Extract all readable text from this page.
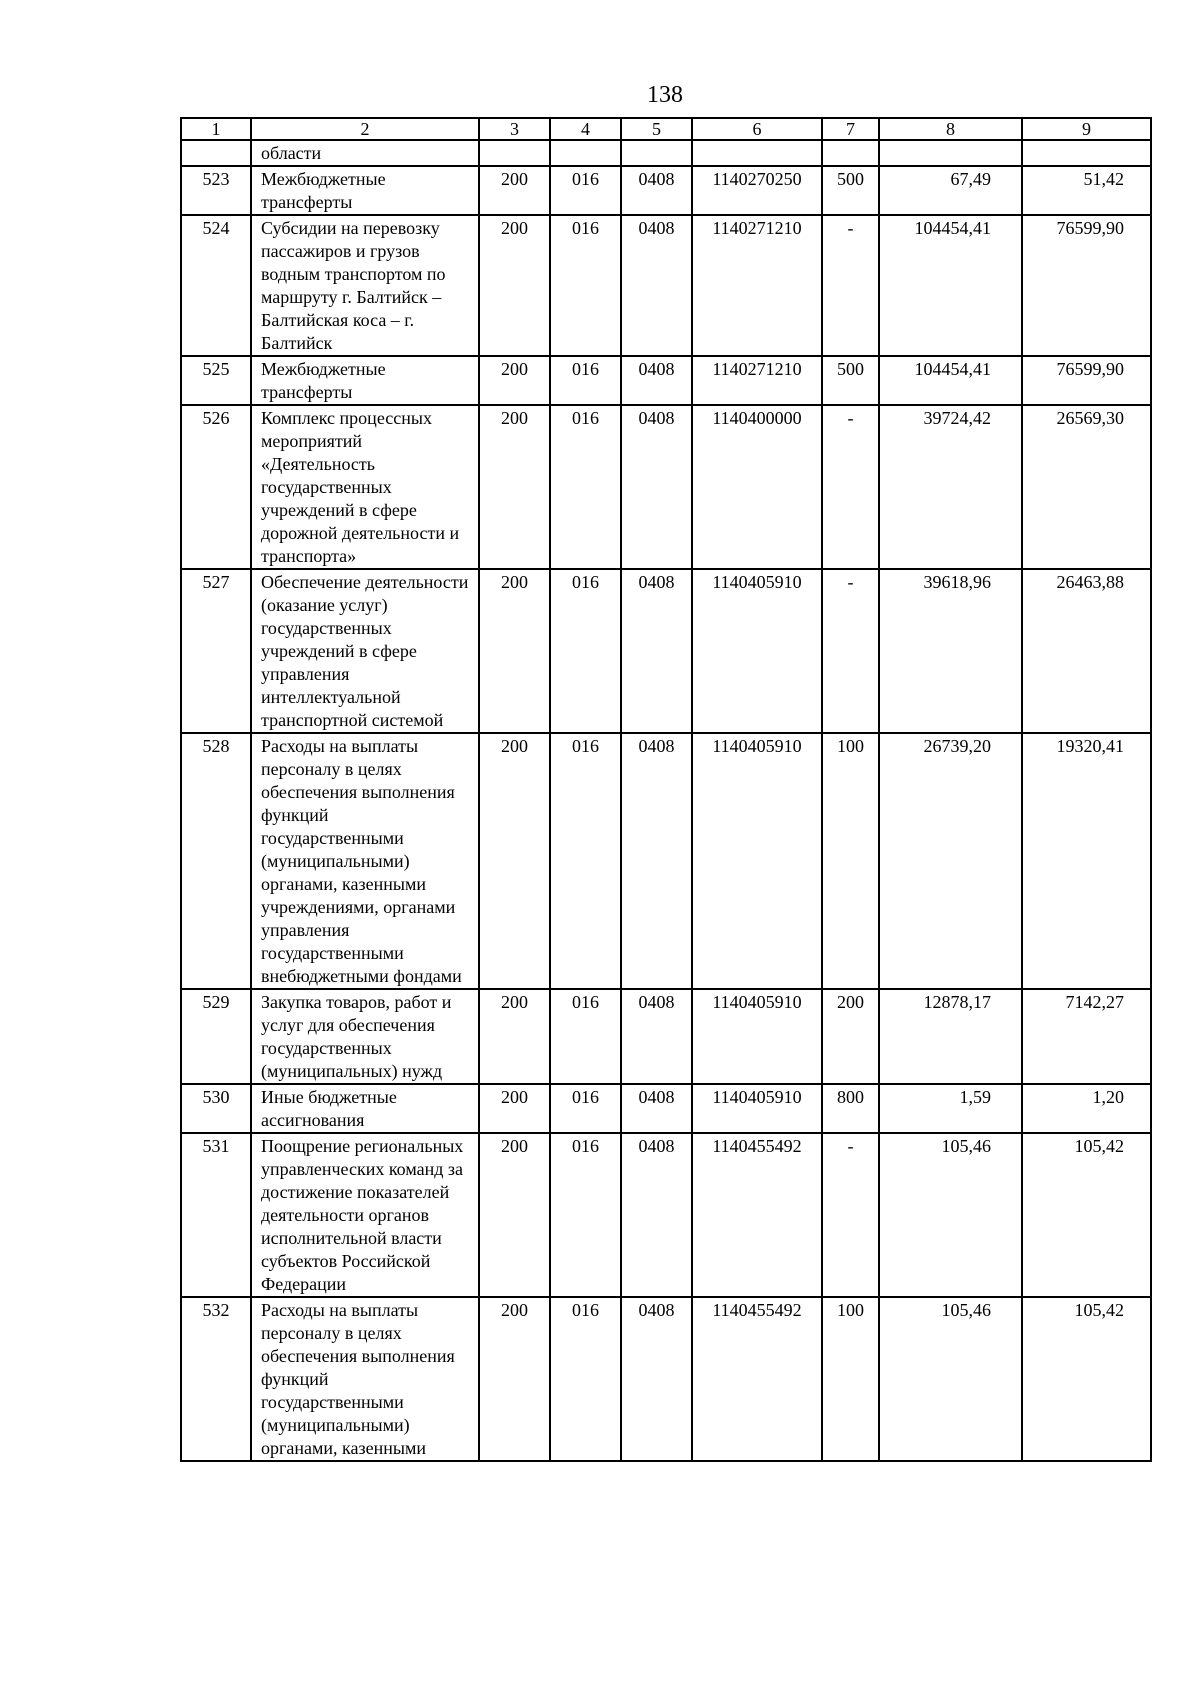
138
1	2	3	4	5	6	7	8	9
	области							
523	Межбюджетные трансферты	200	016	0408	1140270250	500	67,49	51,42
524	Субсидии на перевозку пассажиров и грузов водным транспортом по маршруту г. Балтийск – Балтийская коса – г. Балтийск	200	016	0408	1140271210	-	104454,41	76599,90
525	Межбюджетные трансферты	200	016	0408	1140271210	500	104454,41	76599,90
526	Комплекс процессных мероприятий «Деятельность государственных учреждений в сфере дорожной деятельности и транспорта»	200	016	0408	1140400000	-	39724,42	26569,30
527	Обеспечение деятельности (оказание услуг) государственных учреждений в сфере управления интеллектуальной транспортной системой	200	016	0408	1140405910	-	39618,96	26463,88
528	Расходы на выплаты персоналу в целях обеспечения выполнения функций государственными (муниципальными) органами, казенными учреждениями, органами управления государственными внебюджетными фондами	200	016	0408	1140405910	100	26739,20	19320,41
529	Закупка товаров, работ и услуг для обеспечения государственных (муниципальных) нужд	200	016	0408	1140405910	200	12878,17	7142,27
530	Иные бюджетные ассигнования	200	016	0408	1140405910	800	1,59	1,20
531	Поощрение региональных управленческих команд за достижение показателей деятельности органов исполнительной власти субъектов Российской Федерации	200	016	0408	1140455492	-	105,46	105,42
532	Расходы на выплаты персоналу в целях обеспечения выполнения функций государственными (муниципальными) органами, казенными	200	016	0408	1140455492	100	105,46	105,42
